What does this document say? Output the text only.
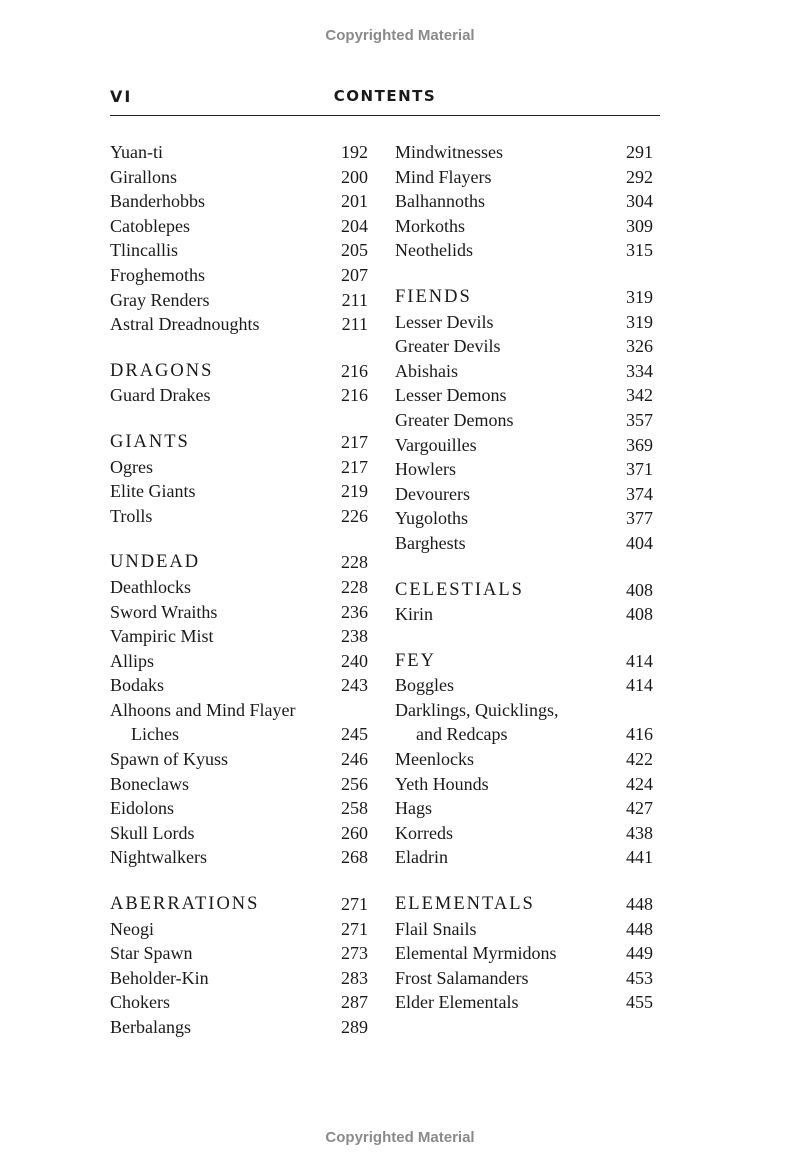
Copyrighted Material
VI	CONTENTS
Yuan-ti	192
Girallons	200
Banderhobbs	201
Catoblepes	204
Tlincallis	205
Froghemoths	207
Gray Renders	211
Astral Dreadnoughts	211
DRAGONS	216
Guard Drakes	216
GIANTS	217
Ogres	217
Elite Giants	219
Trolls	226
UNDEAD	228
Deathlocks	228
Sword Wraiths	236
Vampiric Mist	238
Allips	240
Bodaks	243
Alhoons and Mind Flayer
Liches	245
Spawn of Kyuss	246
Boneclaws	256
Eidolons	258
Skull Lords	260
Nightwalkers	268
ABERRATIONS	271
Neogi	271
Star Spawn	273
Beholder-Kin	283
Chokers	287
Berbalangs	289
Mindwitnesses	291
Mind Flayers	292
Balhannoths	304
Morkoths	309
Neothelids	315
FIENDS	319
Lesser Devils	319
Greater Devils	326
Abishais	334
Lesser Demons	342
Greater Demons	357
Vargouilles	369
Howlers	371
Devourers	374
Yugoloths	377
Barghests	404
CELESTIALS	408
Kirin	408
FEY	414
Boggles	414
Darklings, Quicklings,
and Redcaps	416
Meenlocks	422
Yeth Hounds	424
Hags	427
Korreds	438
Eladrin	441
ELEMENTALS	448
Flail Snails	448
Elemental Myrmidons	449
Frost Salamanders	453
Elder Elementals	455
Copyrighted Material
